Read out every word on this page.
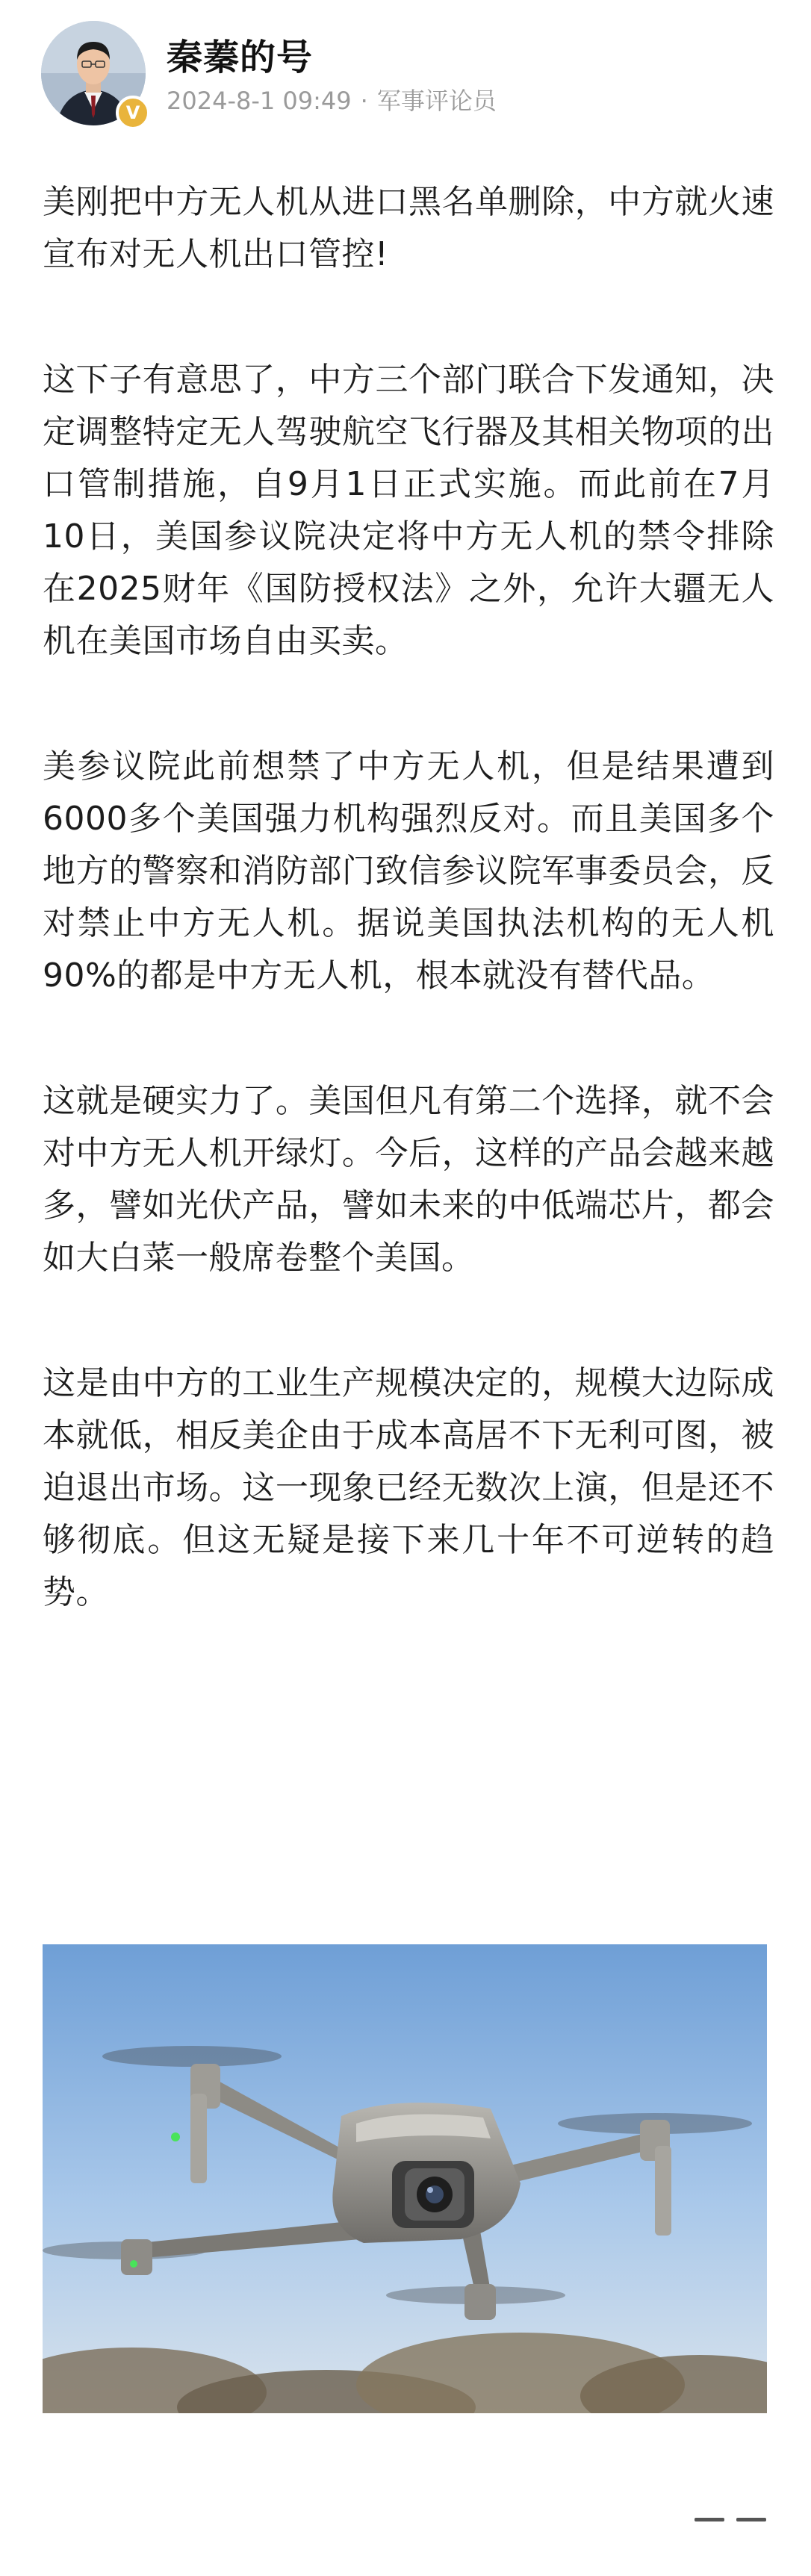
V
秦蓁的号
2024-8-1 09:49 · 军事评论员

美刚把中方无人机从进口黑名单删除，中方就火速宣布对无人机出口管控!

这下子有意思了，中方三个部门联合下发通知，决定调整特定无人驾驶航空飞行器及其相关物项的出口管制措施，自9月1日正式实施。而此前在7月10日，美国参议院决定将中方无人机的禁令排除在2025财年《国防授权法》之外，允许大疆无人机在美国市场自由买卖。

美参议院此前想禁了中方无人机，但是结果遭到6000多个美国强力机构强烈反对。而且美国多个地方的警察和消防部门致信参议院军事委员会，反对禁止中方无人机。据说美国执法机构的无人机90%的都是中方无人机，根本就没有替代品。

这就是硬实力了。美国但凡有第二个选择，就不会对中方无人机开绿灯。今后，这样的产品会越来越多，譬如光伏产品，譬如未来的中低端芯片，都会如大白菜一般席卷整个美国。

这是由中方的工业生产规模决定的，规模大边际成本就低，相反美企由于成本高居不下无利可图，被迫退出市场。这一现象已经无数次上演，但是还不够彻底。但这无疑是接下来几十年不可逆转的趋势。
